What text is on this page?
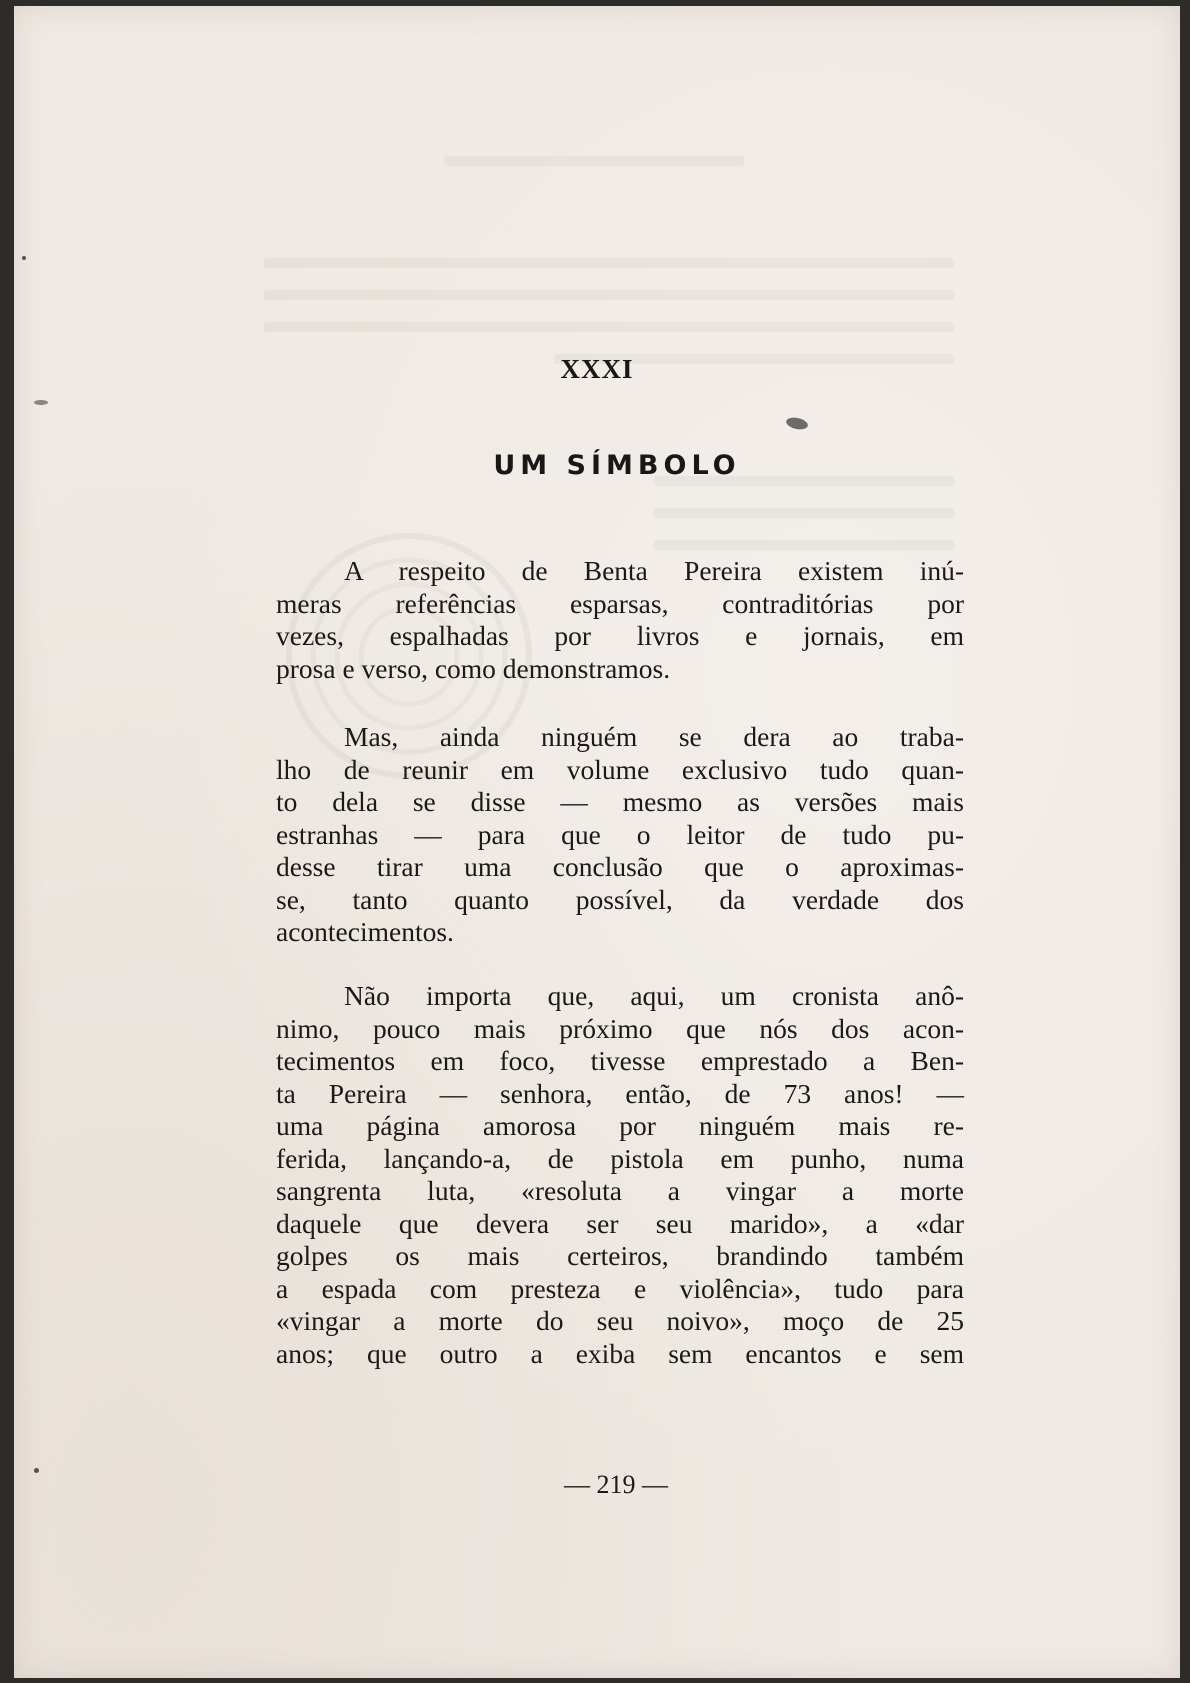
XXXI
UM SÍMBOLO
A respeito de Benta Pereira existem inú-
meras referências esparsas, contraditórias por
vezes, espalhadas por livros e jornais, em
prosa e verso, como demonstramos.
Mas, ainda ninguém se dera ao traba-
lho de reunir em volume exclusivo tudo quan-
to dela se disse — mesmo as versões mais
estranhas — para que o leitor de tudo pu-
desse tirar uma conclusão que o aproximas-
se, tanto quanto possível, da verdade dos
acontecimentos.
Não importa que, aqui, um cronista anô-
nimo, pouco mais próximo que nós dos acon-
tecimentos em foco, tivesse emprestado a Ben-
ta Pereira — senhora, então, de 73 anos! —
uma página amorosa por ninguém mais re-
ferida, lançando-a, de pistola em punho, numa
sangrenta luta, «resoluta a vingar a morte
daquele que devera ser seu marido», a «dar
golpes os mais certeiros, brandindo também
a espada com presteza e violência», tudo para
«vingar a morte do seu noivo», moço de 25
anos; que outro a exiba sem encantos e sem
— 219 —
